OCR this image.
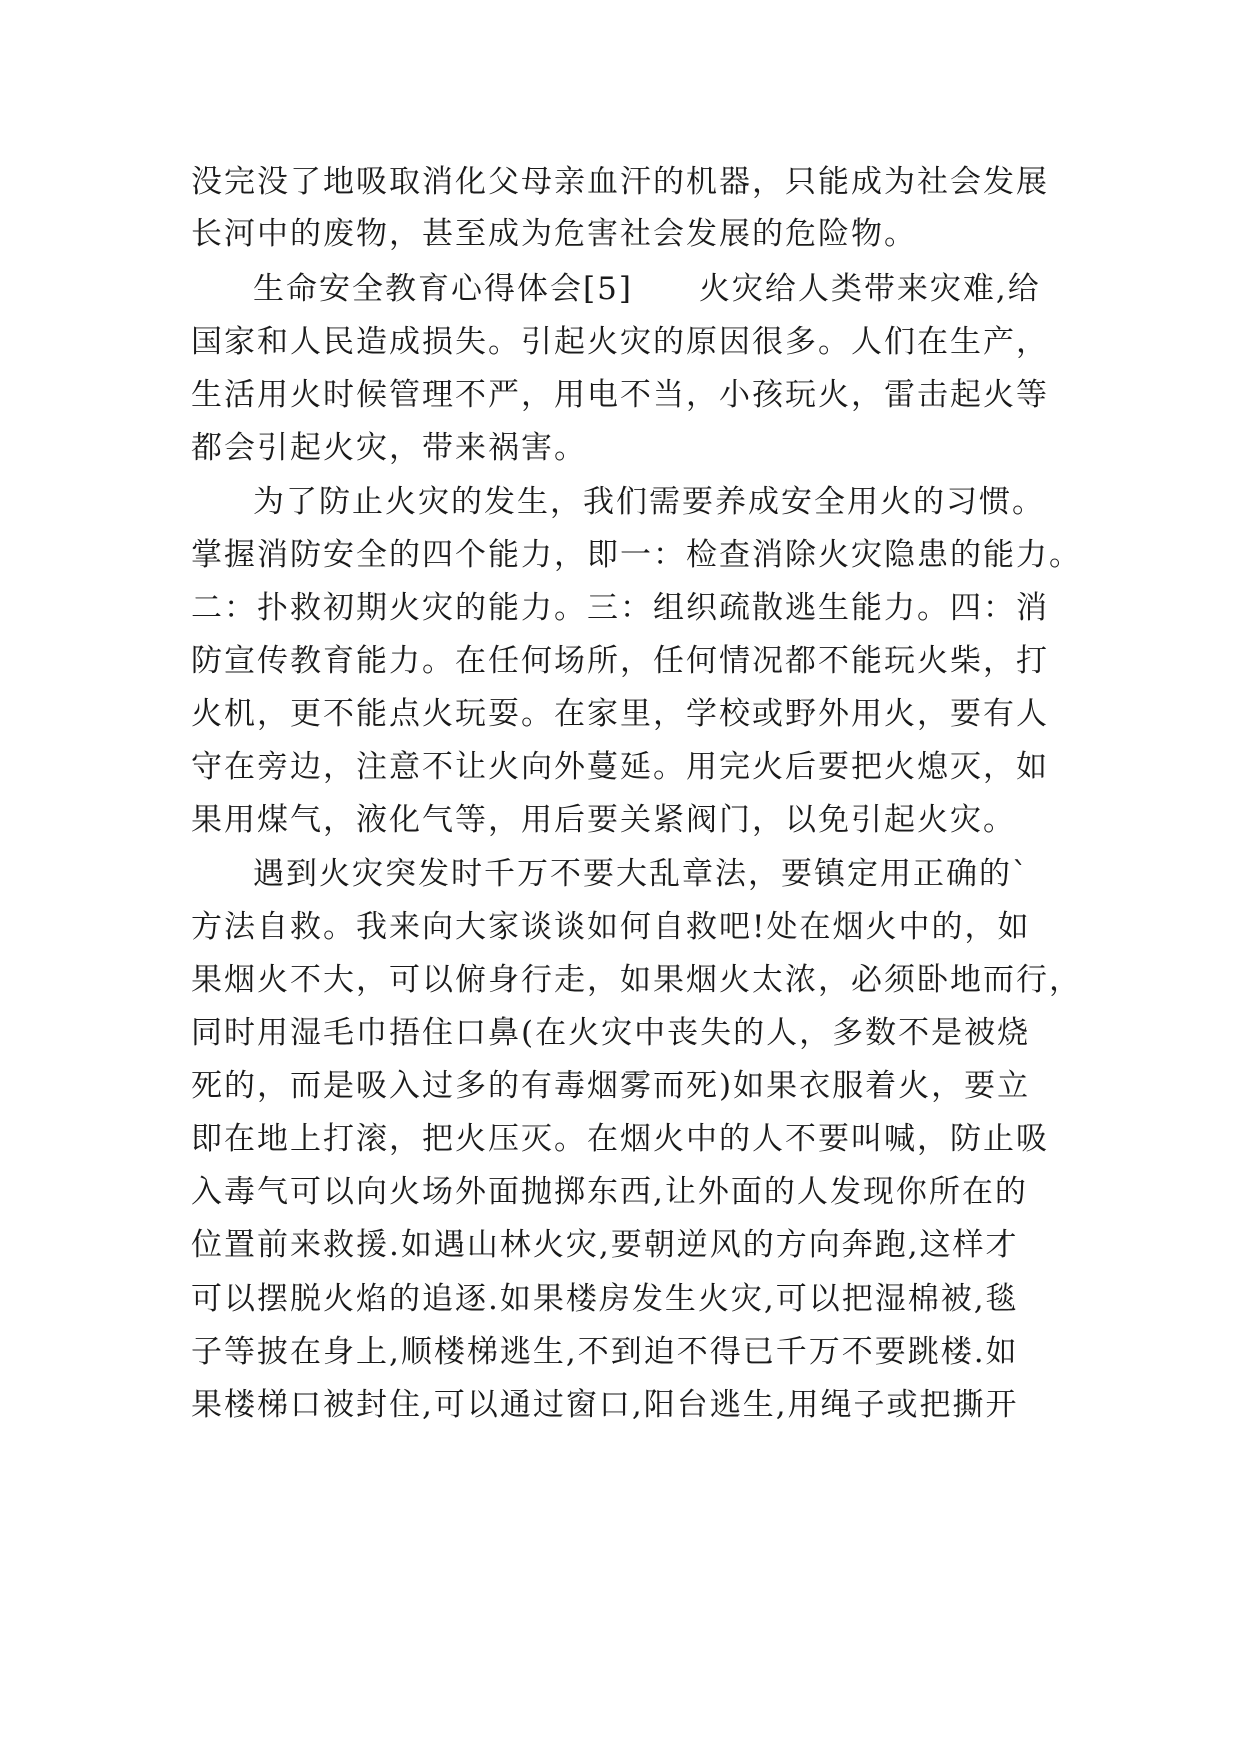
没完没了地吸取消化父母亲血汗的机器，只能成为社会发展
长河中的废物，甚至成为危害社会发展的危险物。
生命安全教育心得体会[5]　　火灾给人类带来灾难,给
国家和人民造成损失。引起火灾的原因很多。人们在生产，
生活用火时候管理不严，用电不当，小孩玩火，雷击起火等
都会引起火灾，带来祸害。
为了防止火灾的发生，我们需要养成安全用火的习惯。
掌握消防安全的四个能力，即一：检查消除火灾隐患的能力。
二：扑救初期火灾的能力。三：组织疏散逃生能力。四：消
防宣传教育能力。在任何场所，任何情况都不能玩火柴，打
火机，更不能点火玩耍。在家里，学校或野外用火，要有人
守在旁边，注意不让火向外蔓延。用完火后要把火熄灭，如
果用煤气，液化气等，用后要关紧阀门，以免引起火灾。
遇到火灾突发时千万不要大乱章法，要镇定用正确的`
方法自救。我来向大家谈谈如何自救吧!处在烟火中的，如
果烟火不大，可以俯身行走，如果烟火太浓，必须卧地而行，
同时用湿毛巾捂住口鼻(在火灾中丧失的人，多数不是被烧
死的，而是吸入过多的有毒烟雾而死)如果衣服着火，要立
即在地上打滚，把火压灭。在烟火中的人不要叫喊，防止吸
入毒气可以向火场外面抛掷东西,让外面的人发现你所在的
位置前来救援.如遇山林火灾,要朝逆风的方向奔跑,这样才
可以摆脱火焰的追逐.如果楼房发生火灾,可以把湿棉被,毯
子等披在身上,顺楼梯逃生,不到迫不得已千万不要跳楼.如
果楼梯口被封住,可以通过窗口,阳台逃生,用绳子或把撕开
